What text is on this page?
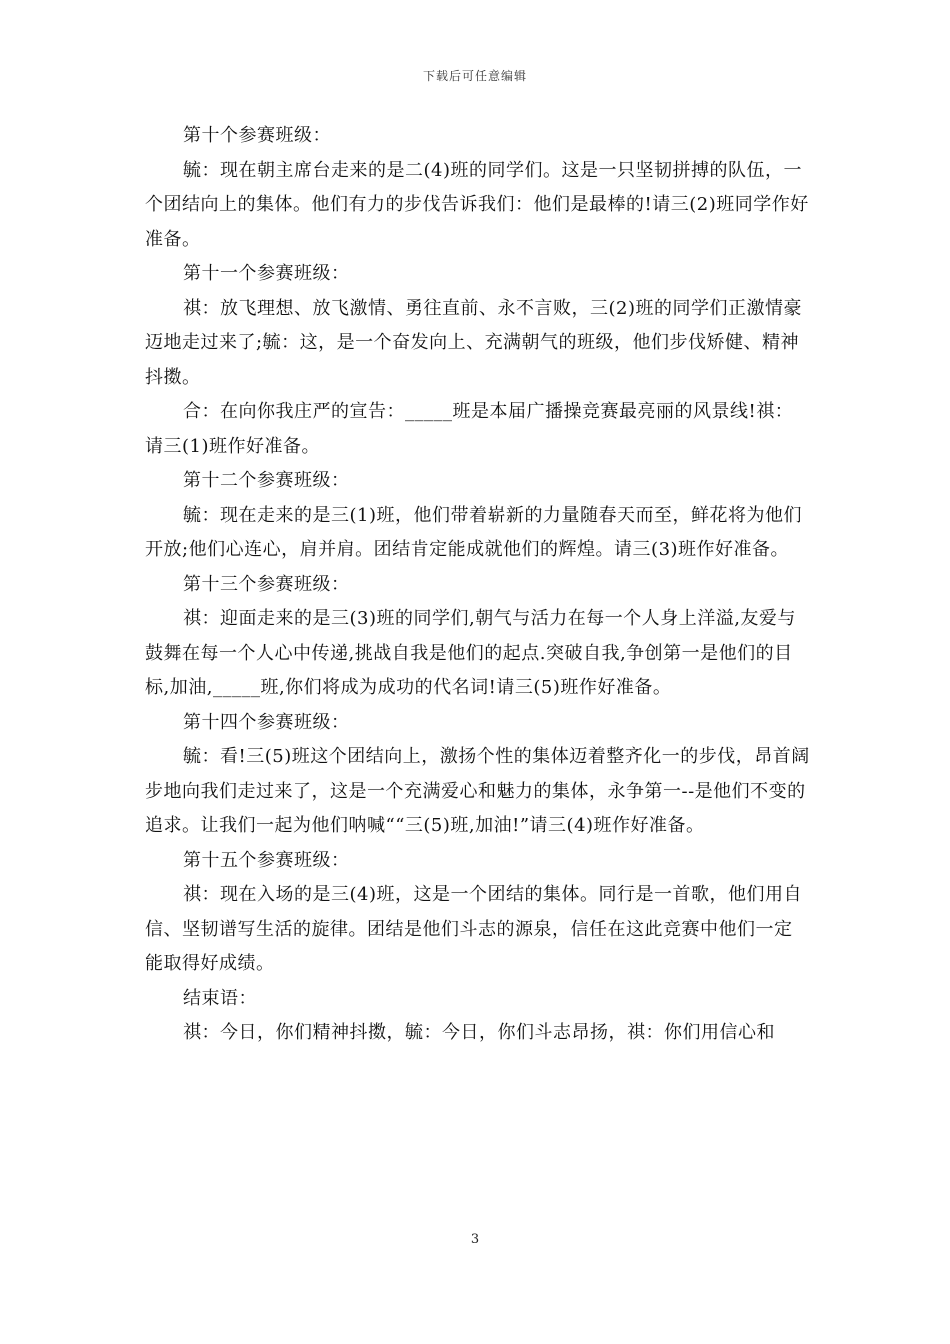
下载后可任意编辑

第十个参赛班级：

毓：现在朝主席台走来的是二(4)班的同学们。这是一只坚韧拼搏的队伍，一个团结向上的集体。他们有力的步伐告诉我们：他们是最棒的!请三(2)班同学作好准备。

第十一个参赛班级：

祺：放飞理想、放飞激情、勇往直前、永不言败，三(2)班的同学们正激情豪迈地走过来了;毓：这，是一个奋发向上、充满朝气的班级，他们步伐矫健、精神抖擞。

合：在向你我庄严的宣告：_____班是本届广播操竞赛最亮丽的风景线!祺：请三(1)班作好准备。

第十二个参赛班级：

毓：现在走来的是三(1)班，他们带着崭新的力量随春天而至，鲜花将为他们开放;他们心连心，肩并肩。团结肯定能成就他们的辉煌。请三(3)班作好准备。

第十三个参赛班级：

祺：迎面走来的是三(3)班的同学们,朝气与活力在每一个人身上洋溢,友爱与鼓舞在每一个人心中传递,挑战自我是他们的起点.突破自我,争创第一是他们的目标,加油,_____班,你们将成为成功的代名词!请三(5)班作好准备。

第十四个参赛班级：

毓：看!三(5)班这个团结向上，激扬个性的集体迈着整齐化一的步伐，昂首阔步地向我们走过来了，这是一个充满爱心和魅力的集体，永争第一--是他们不变的追求。让我们一起为他们呐喊““三(5)班,加油!”请三(4)班作好准备。

第十五个参赛班级：

祺：现在入场的是三(4)班，这是一个团结的集体。同行是一首歌，他们用自信、坚韧谱写生活的旋律。团结是他们斗志的源泉，信任在这此竞赛中他们一定能取得好成绩。

结束语：

祺：今日，你们精神抖擞，毓：今日，你们斗志昂扬，祺：你们用信心和

3
